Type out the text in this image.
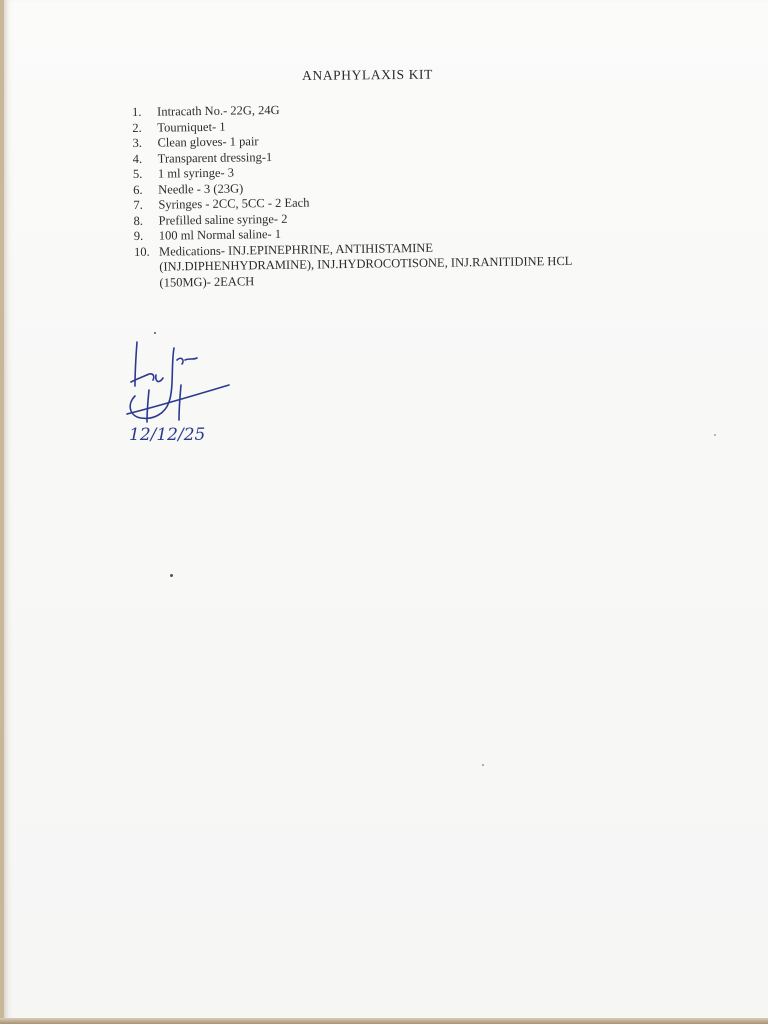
ANAPHYLAXIS KIT
1.	Intracath No.- 22G, 24G
2.	Tourniquet- 1
3.	Clean gloves- 1 pair
4.	Transparent dressing-1
5.	1 ml syringe- 3
6.	Needle - 3 (23G)
7.	Syringes - 2CC, 5CC - 2 Each
8.	Prefilled saline syringe- 2
9.	100 ml Normal saline- 1
10. Medications- INJ.EPINEPHRINE, ANTIHISTAMINE
(INJ.DIPHENHYDRAMINE), INJ.HYDROCOTISONE, INJ.RANITIDINE HCL
(150MG)- 2EACH
12/12/25
